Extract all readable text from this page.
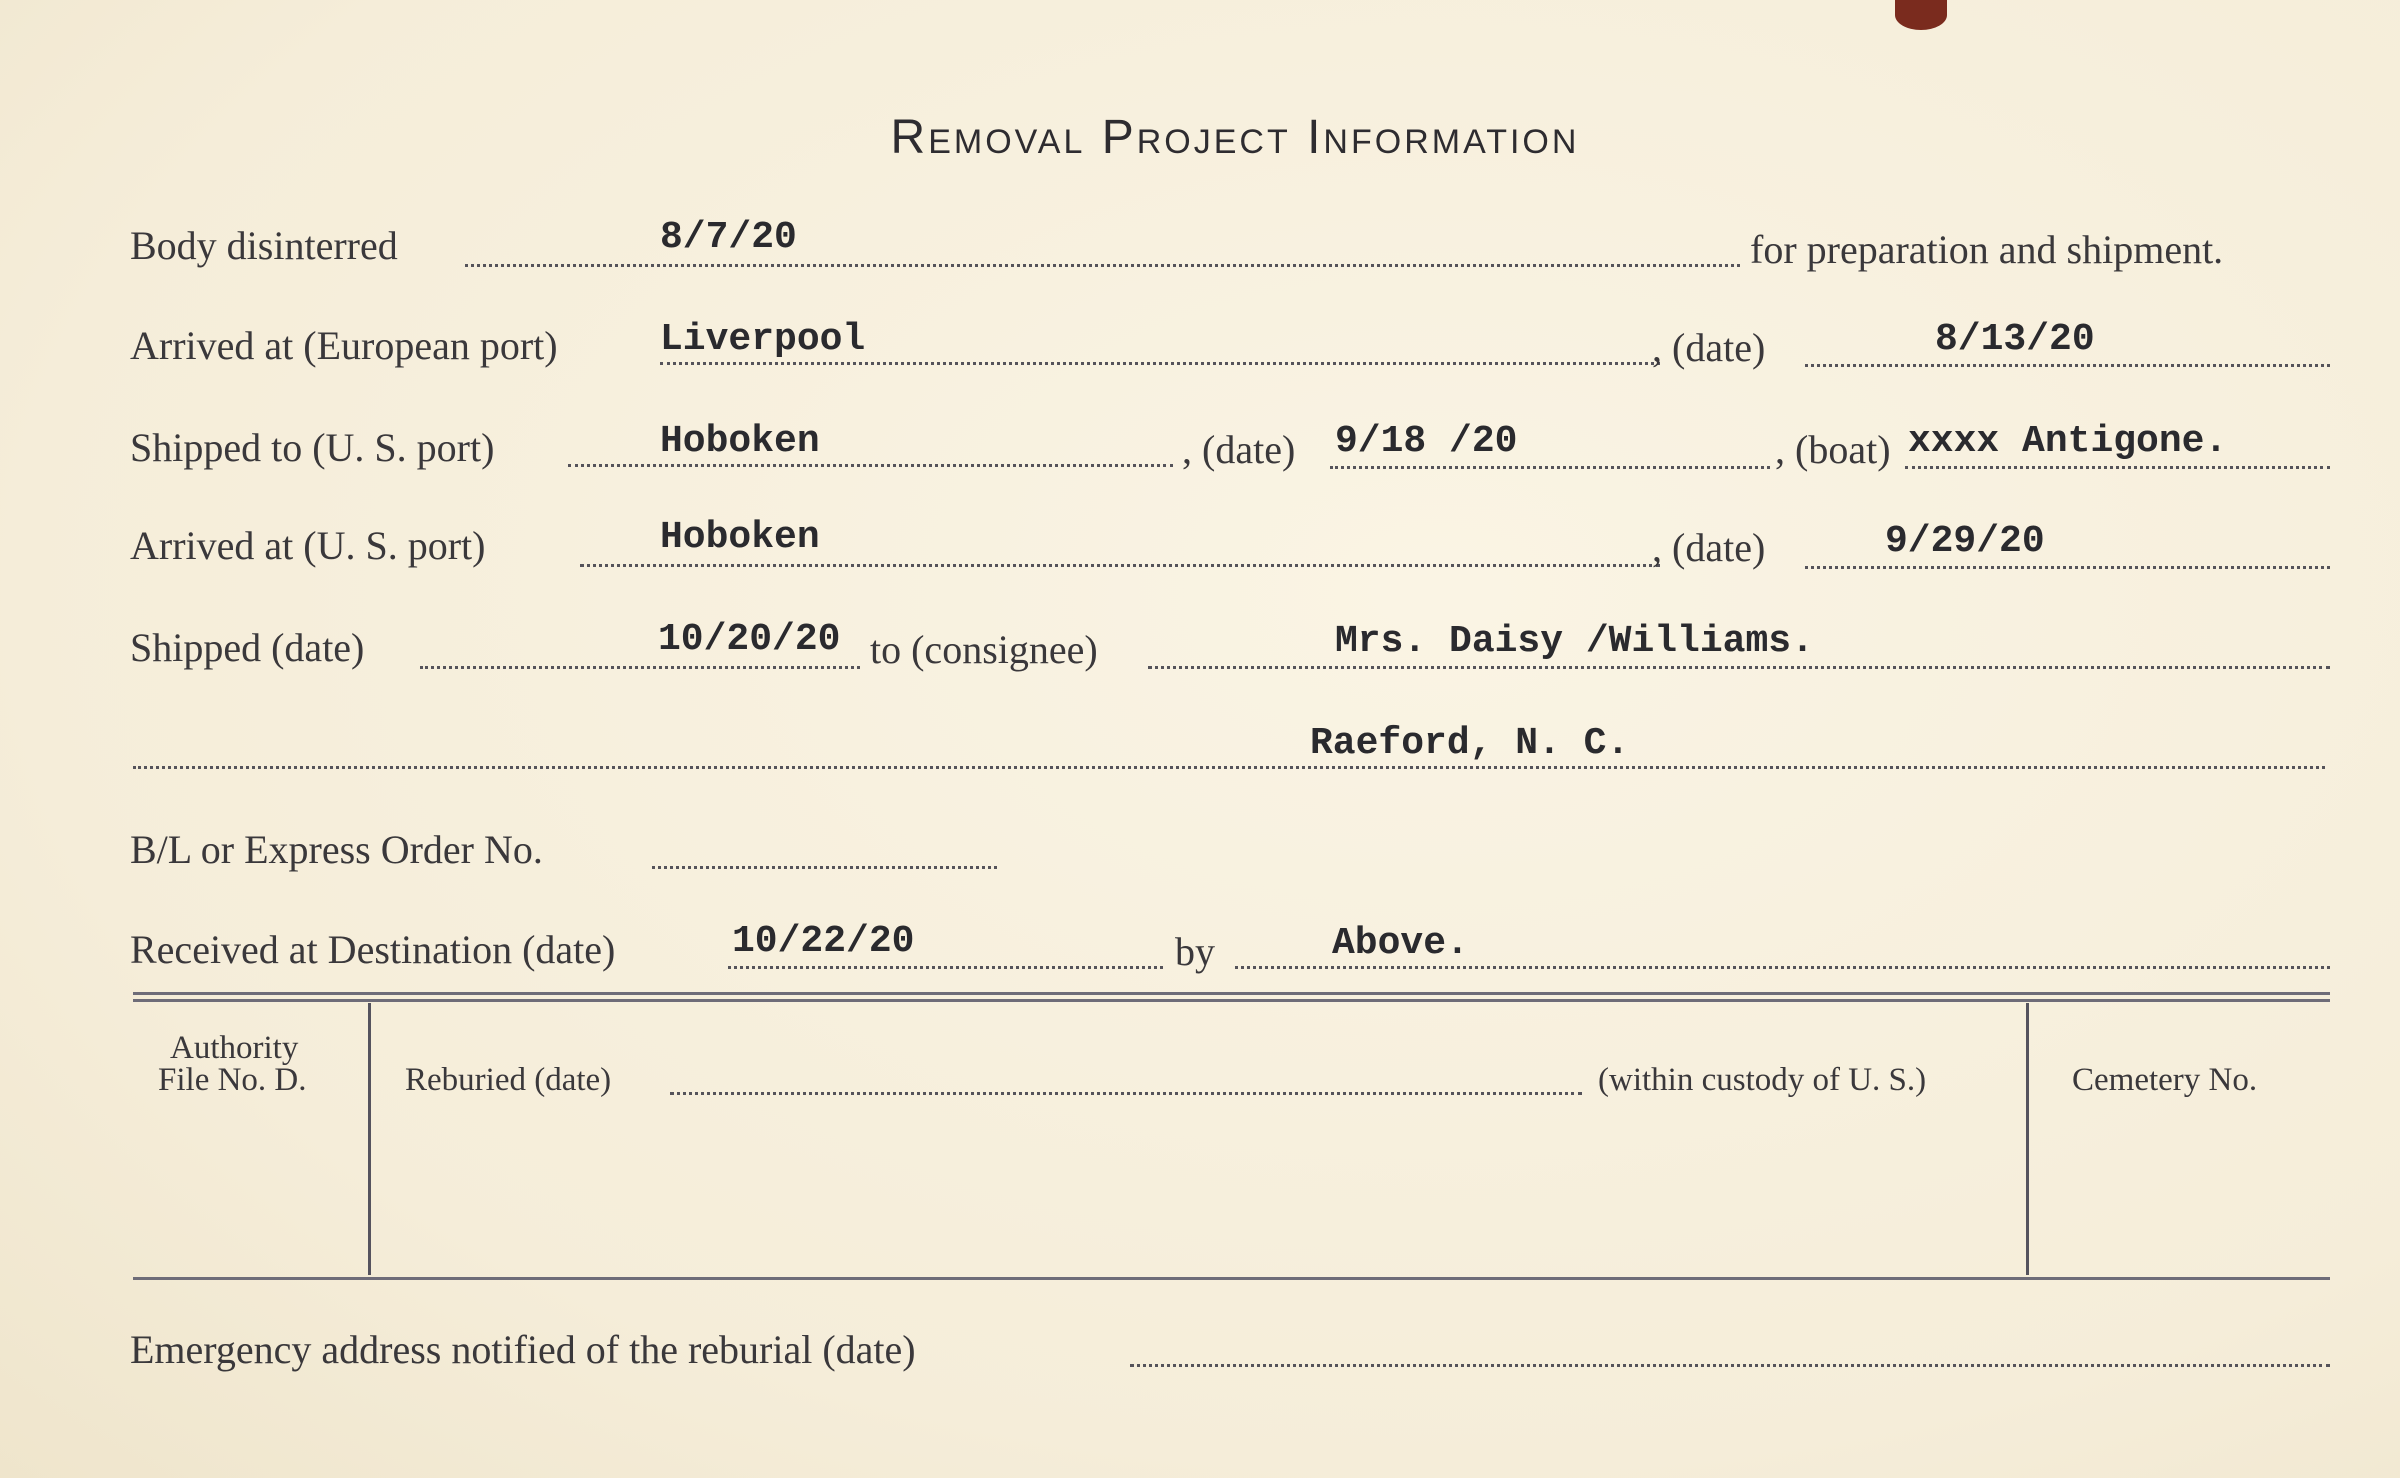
Removal Project Information
Body disinterred	8/7/20	for preparation and shipment.
Arrived at (European port)	Liverpool	, (date)	8/13/20
Shipped to (U. S. port)	Hoboken	, (date) 9/18 /20	, (boat) xxxx Antigone.
Arrived at (U. S. port)	Hoboken	, (date)	9/29/20
Shipped (date)	10/20/20 to (consignee)	Mrs. Daisy /Williams.
Raeford, N. C.
B/L or Express Order No.
Received at Destination (date)	10/22/20	by	Above.
Authority
File No. D.	Reburied (date)	(within custody of U. S.)	Cemetery No.
Emergency address notified of the reburial (date)
